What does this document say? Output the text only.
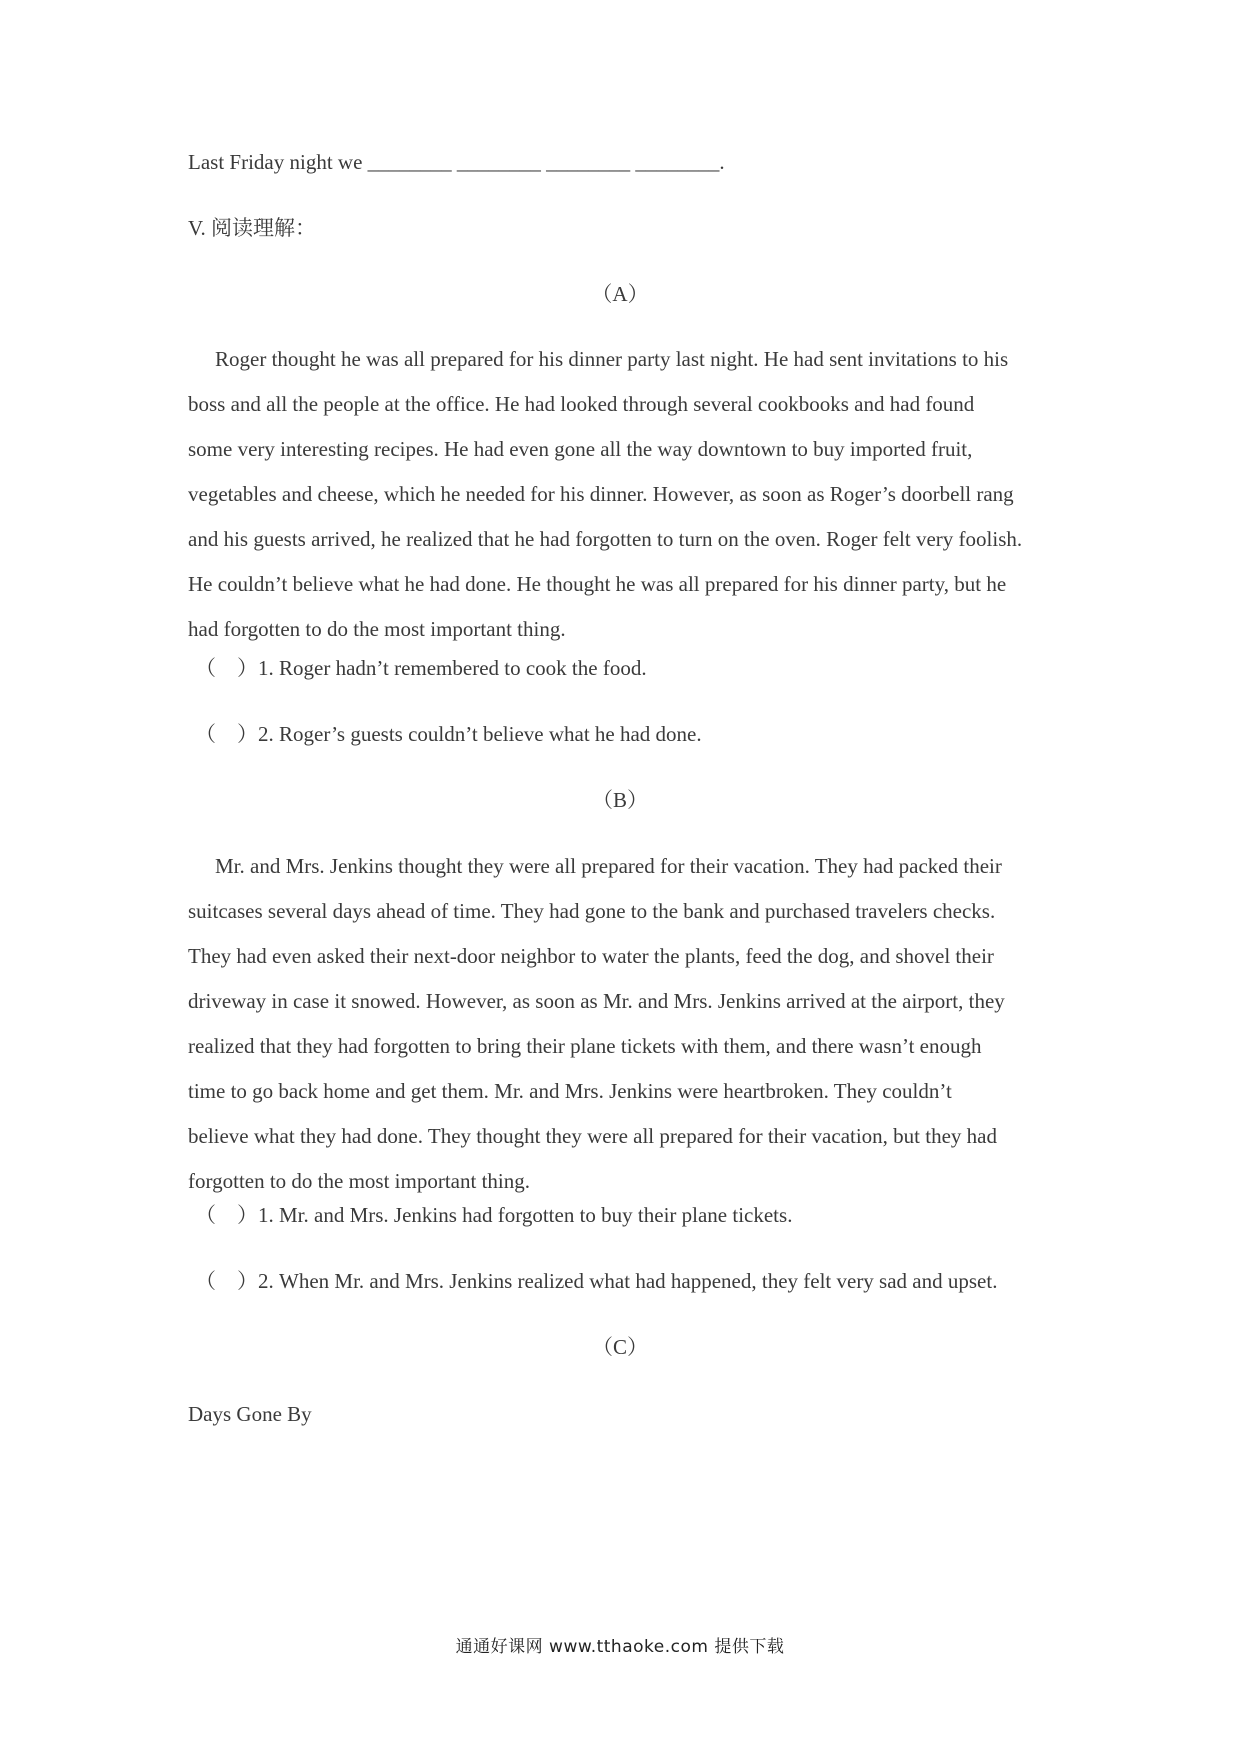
Last Friday night we ________ ________ ________ ________.
V. 阅读理解：
（A）
Roger thought he was all prepared for his dinner party last night. He had sent invitations to his
boss and all the people at the office. He had looked through several cookbooks and had found
some very interesting recipes. He had even gone all the way downtown to buy imported fruit,
vegetables and cheese, which he needed for his dinner. However, as soon as Roger’s doorbell rang
and his guests arrived, he realized that he had forgotten to turn on the oven. Roger felt very foolish.
He couldn’t believe what he had done. He thought he was all prepared for his dinner party, but he
had forgotten to do the most important thing.
（    ）1. Roger hadn’t remembered to cook the food.
（    ）2. Roger’s guests couldn’t believe what he had done.
（B）
Mr. and Mrs. Jenkins thought they were all prepared for their vacation. They had packed their
suitcases several days ahead of time. They had gone to the bank and purchased travelers checks.
They had even asked their next-door neighbor to water the plants, feed the dog, and shovel their
driveway in case it snowed. However, as soon as Mr. and Mrs. Jenkins arrived at the airport, they
realized that they had forgotten to bring their plane tickets with them, and there wasn’t enough
time to go back home and get them. Mr. and Mrs. Jenkins were heartbroken. They couldn’t
believe what they had done. They thought they were all prepared for their vacation, but they had
forgotten to do the most important thing.
（    ）1. Mr. and Mrs. Jenkins had forgotten to buy their plane tickets.
（    ）2. When Mr. and Mrs. Jenkins realized what had happened, they felt very sad and upset.
（C）
Days Gone By
通通好课网 www.tthaoke.com 提供下载
